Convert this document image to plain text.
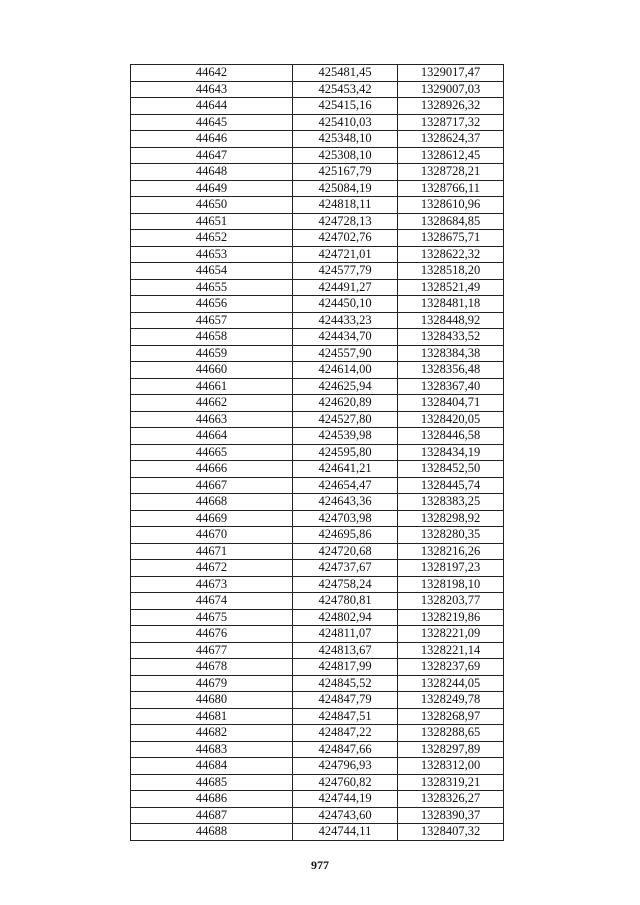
44642	425481,45	1329017,47
44643	425453,42	1329007,03
44644	425415,16	1328926,32
44645	425410,03	1328717,32
44646	425348,10	1328624,37
44647	425308,10	1328612,45
44648	425167,79	1328728,21
44649	425084,19	1328766,11
44650	424818,11	1328610,96
44651	424728,13	1328684,85
44652	424702,76	1328675,71
44653	424721,01	1328622,32
44654	424577,79	1328518,20
44655	424491,27	1328521,49
44656	424450,10	1328481,18
44657	424433,23	1328448,92
44658	424434,70	1328433,52
44659	424557,90	1328384,38
44660	424614,00	1328356,48
44661	424625,94	1328367,40
44662	424620,89	1328404,71
44663	424527,80	1328420,05
44664	424539,98	1328446,58
44665	424595,80	1328434,19
44666	424641,21	1328452,50
44667	424654,47	1328445,74
44668	424643,36	1328383,25
44669	424703,98	1328298,92
44670	424695,86	1328280,35
44671	424720,68	1328216,26
44672	424737,67	1328197,23
44673	424758,24	1328198,10
44674	424780,81	1328203,77
44675	424802,94	1328219,86
44676	424811,07	1328221,09
44677	424813,67	1328221,14
44678	424817,99	1328237,69
44679	424845,52	1328244,05
44680	424847,79	1328249,78
44681	424847,51	1328268,97
44682	424847,22	1328288,65
44683	424847,66	1328297,89
44684	424796,93	1328312,00
44685	424760,82	1328319,21
44686	424744,19	1328326,27
44687	424743,60	1328390,37
44688	424744,11	1328407,32
977
